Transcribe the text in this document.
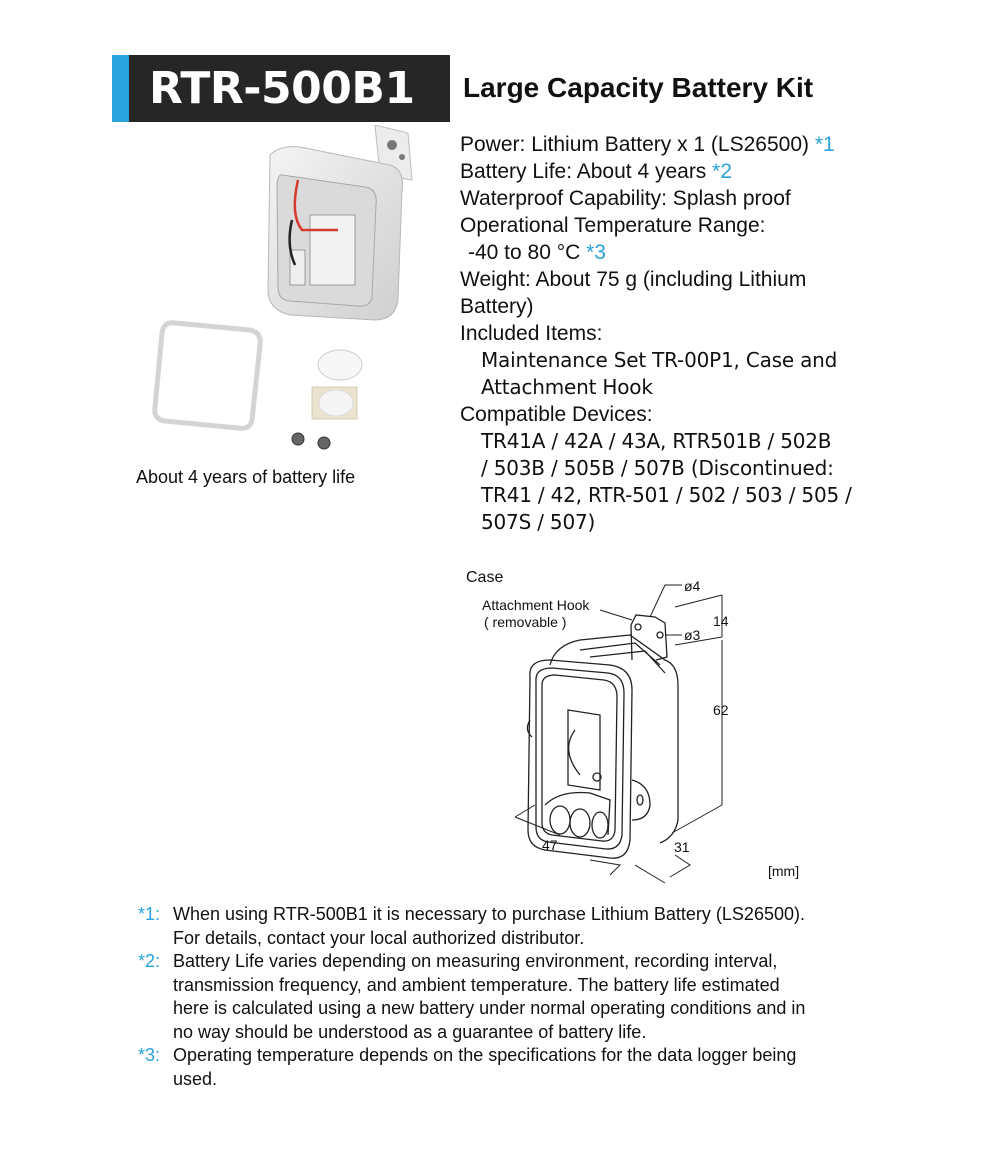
RTR-500B1 Large Capacity Battery Kit
About 4 years of battery life
Power: Lithium Battery x 1 (LS26500) *1
Battery Life: About 4 years *2
Waterproof Capability: Splash proof
Operational Temperature Range:
-40 to 80 °C *3
Weight: About 75 g (including Lithium
Battery)
Included Items:
Maintenance Set TR-00P1, Case and
Attachment Hook
Compatible Devices:
TR41A / 42A / 43A, RTR501B / 502B
/ 503B / 505B / 507B (Discontinued:
TR41 / 42, RTR-501 / 502 / 503 / 505 /
507S / 507)
Case
Attachment Hook
( removable )
ø4
ø3
14
62
47	31
[mm]
*1: When using RTR-500B1 it is necessary to purchase Lithium Battery (LS26500).
For details, contact your local authorized distributor.
*2: Battery Life varies depending on measuring environment, recording interval,
transmission frequency, and ambient temperature. The battery life estimated
here is calculated using a new battery under normal operating conditions and in
no way should be understood as a guarantee of battery life.
*3: Operating temperature depends on the specifications for the data logger being
used.
